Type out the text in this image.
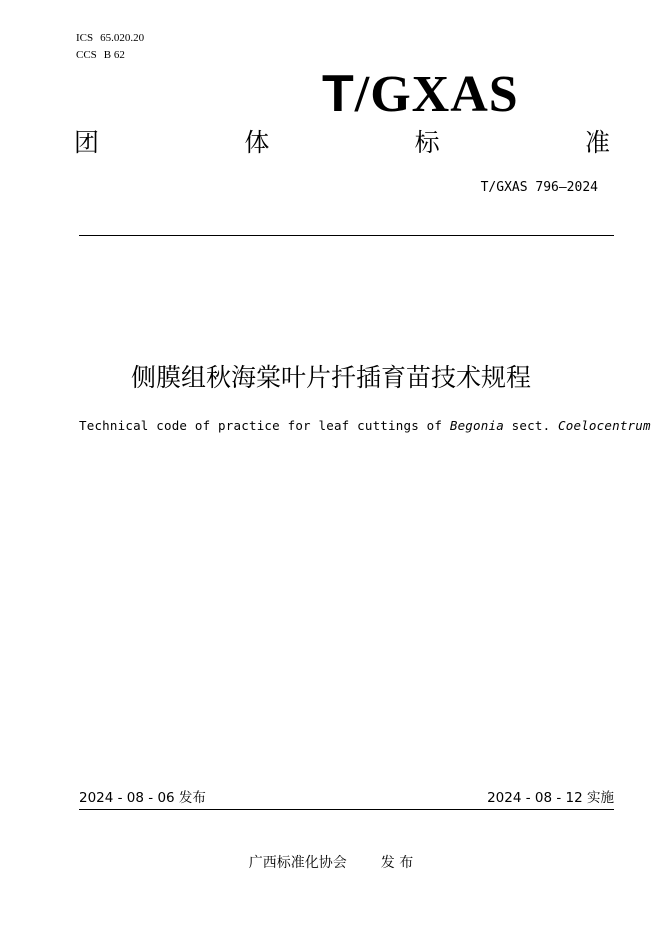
ICS 65.020.20
CCS B 62
T/GXAS
团	体	标	准
T/GXAS 796—2024
侧膜组秋海棠叶片扦插育苗技术规程
Technical code of practice for leaf cuttings of Begonia sect. Coelocentrum
2024 - 08 - 06 发布	2024 - 08 - 12 实施
广西标准化协会 发 布
